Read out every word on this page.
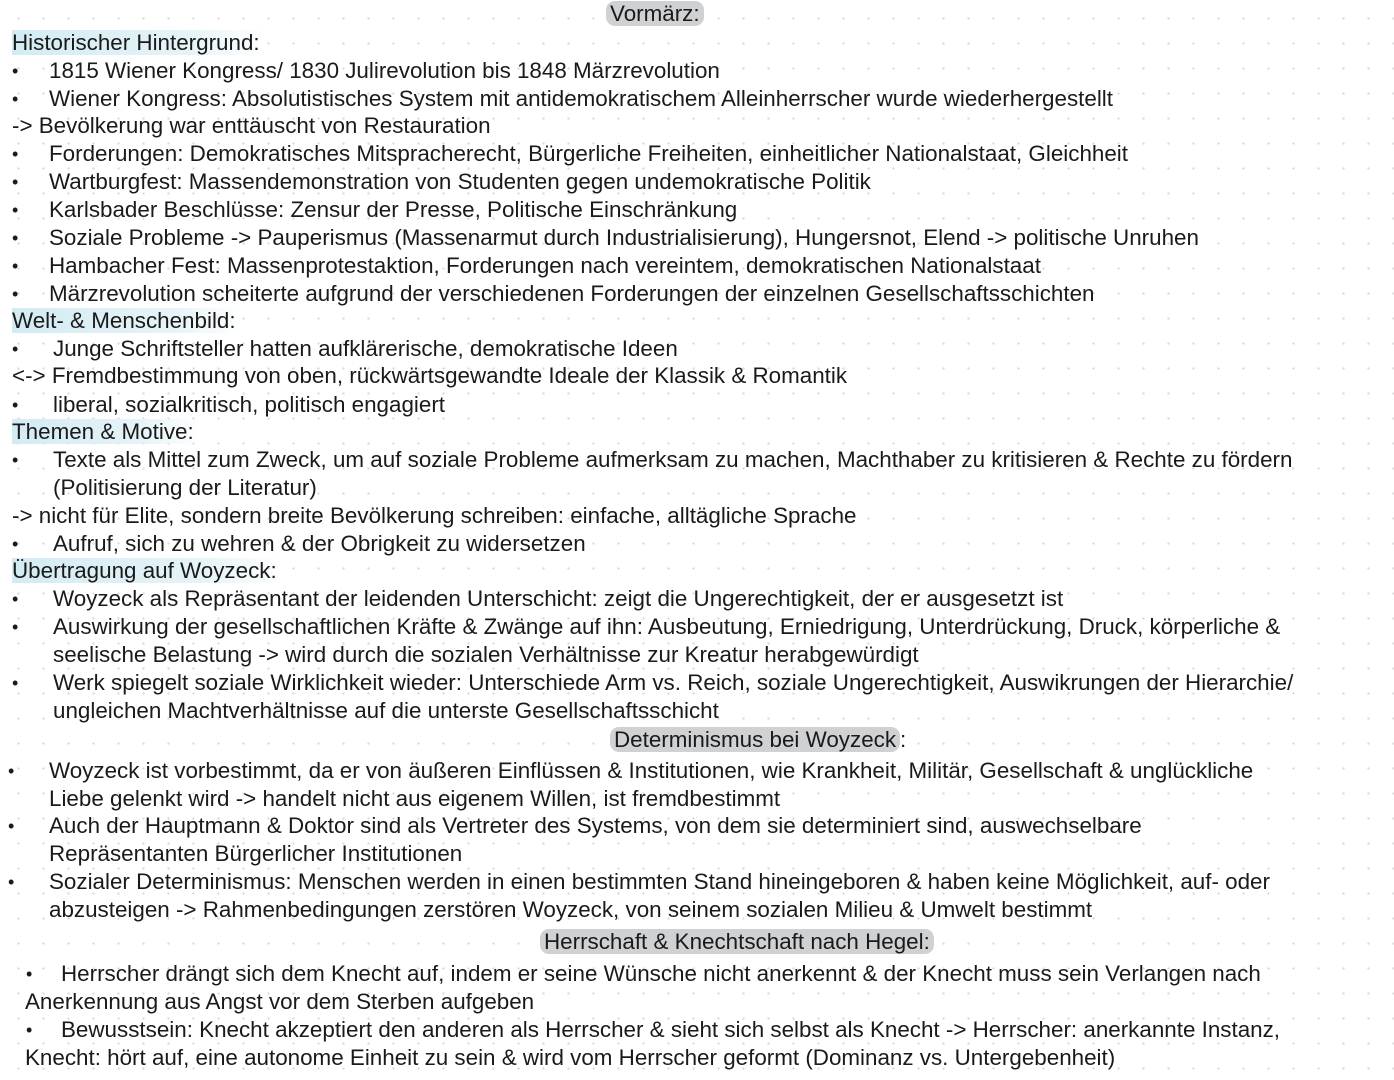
Vormärz:
Historischer Hintergrund:
• 1815 Wiener Kongress/ 1830 Julirevolution bis 1848 Märzrevolution
• Wiener Kongress: Absolutistisches System mit antidemokratischem Alleinherrscher wurde wiederhergestellt
-> Bevölkerung war enttäuscht von Restauration
• Forderungen: Demokratisches Mitspracherecht, Bürgerliche Freiheiten, einheitlicher Nationalstaat, Gleichheit
• Wartburgfest: Massendemonstration von Studenten gegen undemokratische Politik
• Karlsbader Beschlüsse: Zensur der Presse, Politische Einschränkung
• Soziale Probleme -> Pauperismus (Massenarmut durch Industrialisierung), Hungersnot, Elend -> politische Unruhen
• Hambacher Fest: Massenprotestaktion, Forderungen nach vereintem, demokratischen Nationalstaat
• Märzrevolution scheiterte aufgrund der verschiedenen Forderungen der einzelnen Gesellschaftsschichten
Welt- & Menschenbild:
• Junge Schriftsteller hatten aufklärerische, demokratische Ideen
<-> Fremdbestimmung von oben, rückwärtsgewandte Ideale der Klassik & Romantik
• liberal, sozialkritisch, politisch engagiert
Themen & Motive:
• Texte als Mittel zum Zweck, um auf soziale Probleme aufmerksam zu machen, Machthaber zu kritisieren & Rechte zu fördern
(Politisierung der Literatur)
-> nicht für Elite, sondern breite Bevölkerung schreiben: einfache, alltägliche Sprache
• Aufruf, sich zu wehren & der Obrigkeit zu widersetzen
Übertragung auf Woyzeck:
• Woyzeck als Repräsentant der leidenden Unterschicht: zeigt die Ungerechtigkeit, der er ausgesetzt ist
• Auswirkung der gesellschaftlichen Kräfte & Zwänge auf ihn: Ausbeutung, Erniedrigung, Unterdrückung, Druck, körperliche &
seelische Belastung -> wird durch die sozialen Verhältnisse zur Kreatur herabgewürdigt
• Werk spiegelt soziale Wirklichkeit wieder: Unterschiede Arm vs. Reich, soziale Ungerechtigkeit, Auswikrungen der Hierarchie/
ungleichen Machtverhältnisse auf die unterste Gesellschaftsschicht
Determinismus bei Woyzeck :
• Woyzeck ist vorbestimmt, da er von äußeren Einflüssen & Institutionen, wie Krankheit, Militär, Gesellschaft & unglückliche
Liebe gelenkt wird -> handelt nicht aus eigenem Willen, ist fremdbestimmt
• Auch der Hauptmann & Doktor sind als Vertreter des Systems, von dem sie determiniert sind, auswechselbare
Repräsentanten Bürgerlicher Institutionen
• Sozialer Determinismus: Menschen werden in einen bestimmten Stand hineingeboren & haben keine Möglichkeit, auf- oder
abzusteigen -> Rahmenbedingungen zerstören Woyzeck, von seinem sozialen Milieu & Umwelt bestimmt
Herrschaft & Knechtschaft nach Hegel:
• Herrscher drängt sich dem Knecht auf, indem er seine Wünsche nicht anerkennt & der Knecht muss sein Verlangen nach
Anerkennung aus Angst vor dem Sterben aufgeben
• Bewusstsein: Knecht akzeptiert den anderen als Herrscher & sieht sich selbst als Knecht -> Herrscher: anerkannte Instanz,
Knecht: hört auf, eine autonome Einheit zu sein & wird vom Herrscher geformt (Dominanz vs. Untergebenheit)
